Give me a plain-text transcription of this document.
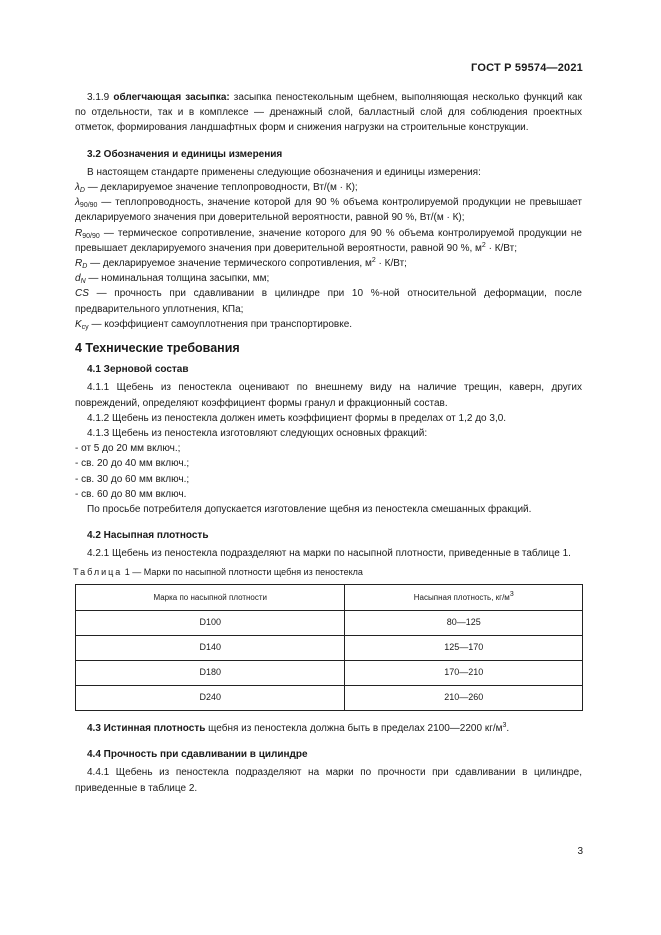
ГОСТ Р 59574—2021

3.1.9 облегчающая засыпка: засыпка пеностекольным щебнем, выполняющая несколько функций как по отдельности, так и в комплексе — дренажный слой, балластный слой для соблюдения проектных отметок, формирования ландшафтных форм и снижения нагрузки на строительные конструкции.

3.2 Обозначения и единицы измерения

В настоящем стандарте применены следующие обозначения и единицы измерения:

$\lambda_D$ — декларируемое значение теплопроводности, Вт/(м · К);

$\lambda_{90/90}$ — теплопроводность, значение которой для 90 % объема контролируемой продукции не превышает декларируемого значения при доверительной вероятности, равной 90 %, Вт/(м · К);

$R_{90/90}$ — термическое сопротивление, значение которого для 90 % объема контролируемой продукции не превышает декларируемого значения при доверительной вероятности, равной 90 %, $м^2 \cdot К/Вт$;

$R_D$ — декларируемое значение термического сопротивления, $м^2 \cdot К/Вт$;

$d_N$ — номинальная толщина засыпки, мм;

CS — прочность при сдавливании в цилиндре при 10 %-ной относительной деформации, после предварительного уплотнения, КПа;

$K_{су}$ — коэффициент самоуплотнения при транспортировке.

4 Технические требования

4.1 Зерновой состав

4.1.1 Щебень из пеностекла оценивают по внешнему виду на наличие трещин, каверн, других повреждений, определяют коэффициент формы гранул и фракционный состав.

4.1.2 Щебень из пеностекла должен иметь коэффициент формы в пределах от 1,2 до 3,0.

4.1.3 Щебень из пеностекла изготовляют следующих основных фракций:

- от 5 до 20 мм включ.;

- св. 20 до 40 мм включ.;

- св. 30 до 60 мм включ.;

- св. 60 до 80 мм включ.

По просьбе потребителя допускается изготовление щебня из пеностекла смешанных фракций.

4.2 Насыпная плотность

4.2.1 Щебень из пеностекла подразделяют на марки по насыпной плотности, приведенные в таблице 1.

Таблица 1 — Марки по насыпной плотности щебня из пеностекла

Марка по насыпной плотности	Насыпная плотность, $кг/м^3$
D100	80—125
D140	125—170
D180	170—210
D240	210—260

4.3 Истинная плотность щебня из пеностекла должна быть в пределах 2100—2200 $кг/м^3$.

4.4 Прочность при сдавливании в цилиндре

4.4.1 Щебень из пеностекла подразделяют на марки по прочности при сдавливании в цилиндре, приведенные в таблице 2.

3
